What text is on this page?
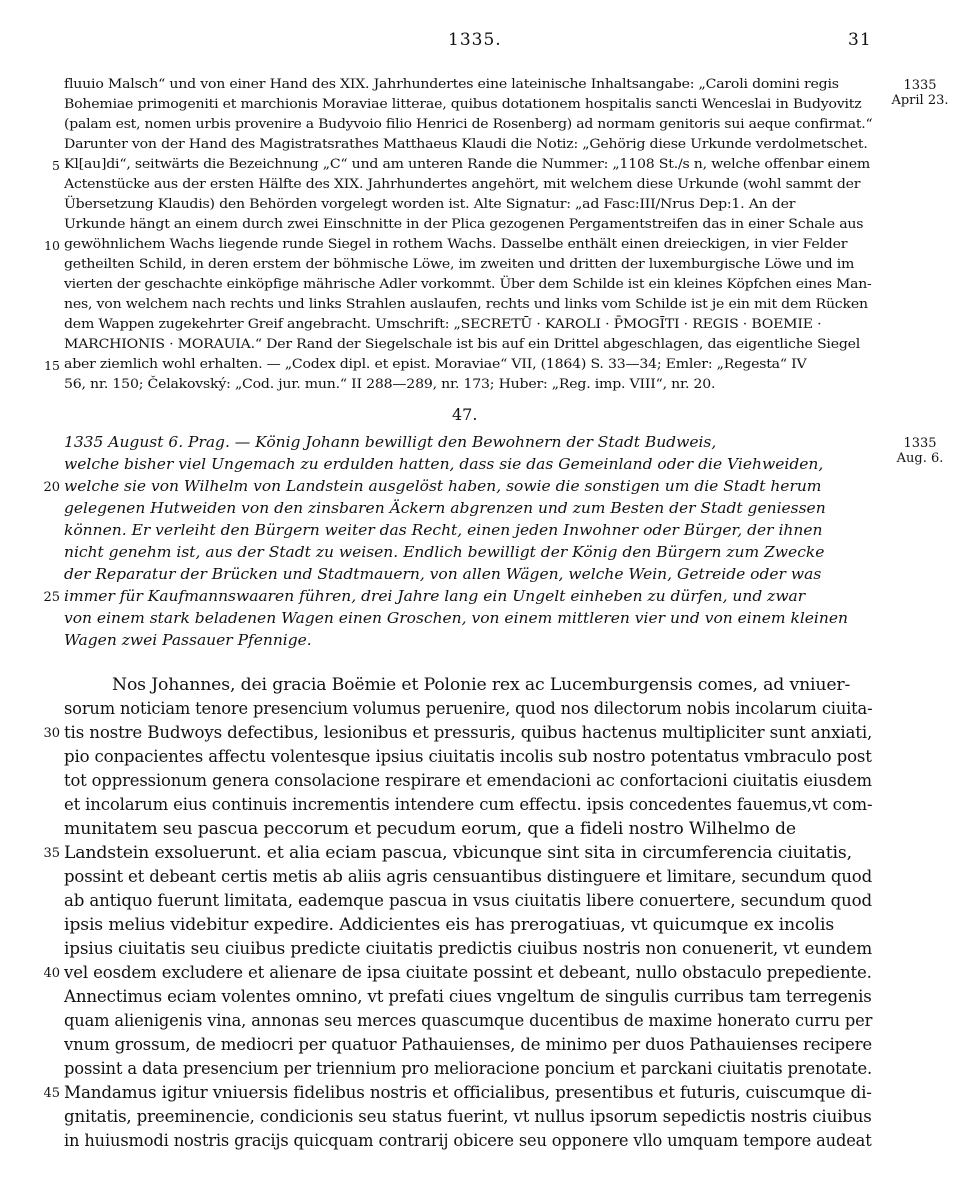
1335.	31
fluuio Malsch“ und von einer Hand des XIX. Jahrhundertes eine lateinische Inhaltsangabe: „Caroli domini regis
Bohemiae primogeniti et marchionis Moraviae litterae, quibus dotationem hospitalis sancti Wenceslai in Budyovitz
(palam est, nomen urbis provenire a Budyvoio filio Henrici de Rosenberg) ad normam genitoris sui aeque confirmat.“
Darunter von der Hand des Magistratsrathes Matthaeus Klaudi die Notiz: „Gehörig diese Urkunde verdolmetschet.
Kl[au]di“, seitwärts die Bezeichnung „C“ und am unteren Rande die Nummer: „1108 St./s n, welche offenbar einem
Actenstücke aus der ersten Hälfte des XIX. Jahrhundertes angehört, mit welchem diese Urkunde (wohl sammt der
Übersetzung Klaudis) den Behörden vorgelegt worden ist. Alte Signatur: „ad Fasc:III/Nrus Dep:1. An der
Urkunde hängt an einem durch zwei Einschnitte in der Plica gezogenen Pergamentstreifen das in einer Schale aus
gewöhnlichem Wachs liegende runde Siegel in rothem Wachs. Dasselbe enthält einen dreieckigen, in vier Felder
getheilten Schild, in deren erstem der böhmische Löwe, im zweiten und dritten der luxemburgische Löwe und im
vierten der geschachte einköpfige mährische Adler vorkommt. Über dem Schilde ist ein kleines Köpfchen eines Man-
nes, von welchem nach rechts und links Strahlen auslaufen, rechts und links vom Schilde ist je ein mit dem Rücken
dem Wappen zugekehrter Greif angebracht. Umschrift: „SECRETŪ · KAROLI · P̄MOGĪTI · REGIS · BOEMIE ·
MARCHIONIS · MORAUIA.“ Der Rand der Siegelschale ist bis auf ein Drittel abgeschlagen, das eigentliche Siegel
aber ziemlich wohl erhalten. — „Codex dipl. et epist. Moraviae“ VII, (1864) S. 33—34; Emler: „Regesta“ IV
56, nr. 150; Čelakovský: „Cod. jur. mun.“ II 288—289, nr. 173; Huber: „Reg. imp. VIII“, nr. 20.
5
10
15
1335
April 23.
47.
1335 August 6. Prag. — König Johann bewilligt den Bewohnern der Stadt Budweis,
welche bisher viel Ungemach zu erdulden hatten, dass sie das Gemeinland oder die Viehweiden,
welche sie von Wilhelm von Landstein ausgelöst haben, sowie die sonstigen um die Stadt herum
gelegenen Hutweiden von den zinsbaren Äckern abgrenzen und zum Besten der Stadt geniessen
können. Er verleiht den Bürgern weiter das Recht, einen jeden Inwohner oder Bürger, der ihnen
nicht genehm ist, aus der Stadt zu weisen. Endlich bewilligt der König den Bürgern zum Zwecke
der Reparatur der Brücken und Stadtmauern, von allen Wägen, welche Wein, Getreide oder was
immer für Kaufmannswaaren führen, drei Jahre lang ein Ungelt einheben zu dürfen, und zwar
von einem stark beladenen Wagen einen Groschen, von einem mittleren vier und von einem kleinen
Wagen zwei Passauer Pfennige.
20
25
1335
Aug. 6.
Nos Johannes, dei gracia Boëmie et Polonie rex ac Lucemburgensis comes, ad vniuer-
sorum noticiam tenore presencium volumus peruenire, quod nos dilectorum nobis incolarum ciuita-
tis nostre Budwoys defectibus, lesionibus et pressuris, quibus hactenus multipliciter sunt anxiati,
pio conpacientes affectu volentesque ipsius ciuitatis incolis sub nostro potentatus vmbraculo post
tot oppressionum genera consolacione respirare et emendacioni ac confortacioni ciuitatis eiusdem
et incolarum eius continuis incrementis intendere cum effectu. ipsis concedentes fauemus,vt com-
munitatem seu pascua peccorum et pecudum eorum, que a fideli nostro Wilhelmo de
Landstein exsoluerunt. et alia eciam pascua, vbicunque sint sita in circumferencia ciuitatis,
possint et debeant certis metis ab aliis agris censuantibus distinguere et limitare, secundum quod
ab antiquo fuerunt limitata, eademque pascua in vsus ciuitatis libere conuertere, secundum quod
ipsis melius videbitur expedire. Addicientes eis has prerogatiuas, vt quicumque ex incolis
ipsius ciuitatis seu ciuibus predicte ciuitatis predictis ciuibus nostris non conuenerit, vt eundem
vel eosdem excludere et alienare de ipsa ciuitate possint et debeant, nullo obstaculo prepediente.
Annectimus eciam volentes omnino, vt prefati ciues vngeltum de singulis curribus tam terregenis
quam alienigenis vina, annonas seu merces quascumque ducentibus de maxime honerato curru per
vnum grossum, de mediocri per quatuor Pathauienses, de minimo per duos Pathauienses recipere
possint a data presencium per triennium pro melioracione poncium et parckani ciuitatis prenotate.
Mandamus igitur vniuersis fidelibus nostris et officialibus, presentibus et futuris, cuiscumque di-
gnitatis, preeminencie, condicionis seu status fuerint, vt nullus ipsorum sepedictis nostris ciuibus
in huiusmodi nostris gracijs quicquam contrarij obicere seu opponere vllo umquam tempore audeat
30
35
40
45
